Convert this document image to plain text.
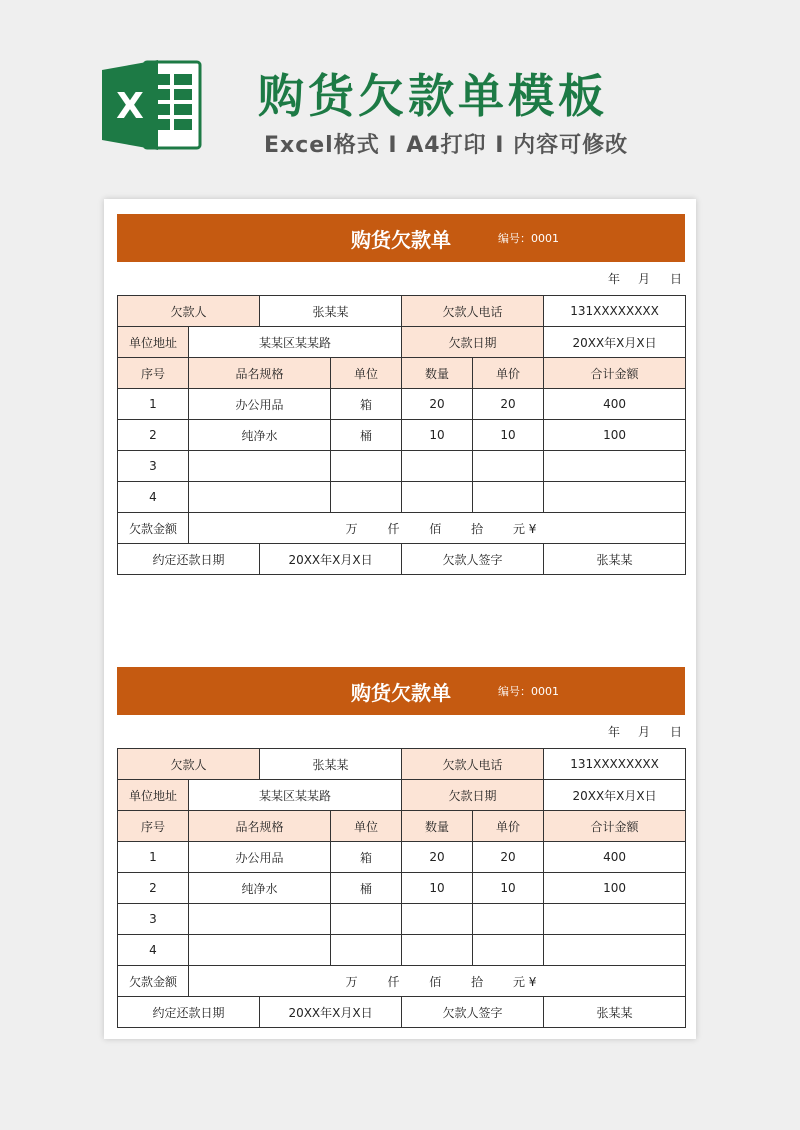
X 购货欠款单模板
Excel格式 I A4打印 I 内容可修改
购货欠款单	编号：0001
年 月 日
欠款人		张某某		欠款人电话		131XXXXXXXX
单位地址	某某区某某路			欠款日期		20XX年X月X日
序号	品名规格		单位	数量	单价	合计金额
1	办公用品		箱	20	20	400
2	纯净水		桶	10	10	100
3						
4						
欠款金额	万 仟 佰 拾 元 ¥					
约定还款日期		20XX年X月X日		欠款人签字		张某某
购货欠款单	编号：0001
年 月 日
欠款人		张某某		欠款人电话		131XXXXXXXX
单位地址	某某区某某路			欠款日期		20XX年X月X日
序号	品名规格		单位	数量	单价	合计金额
1	办公用品		箱	20	20	400
2	纯净水		桶	10	10	100
3						
4						
欠款金额	万 仟 佰 拾 元 ¥					
约定还款日期		20XX年X月X日		欠款人签字		张某某
